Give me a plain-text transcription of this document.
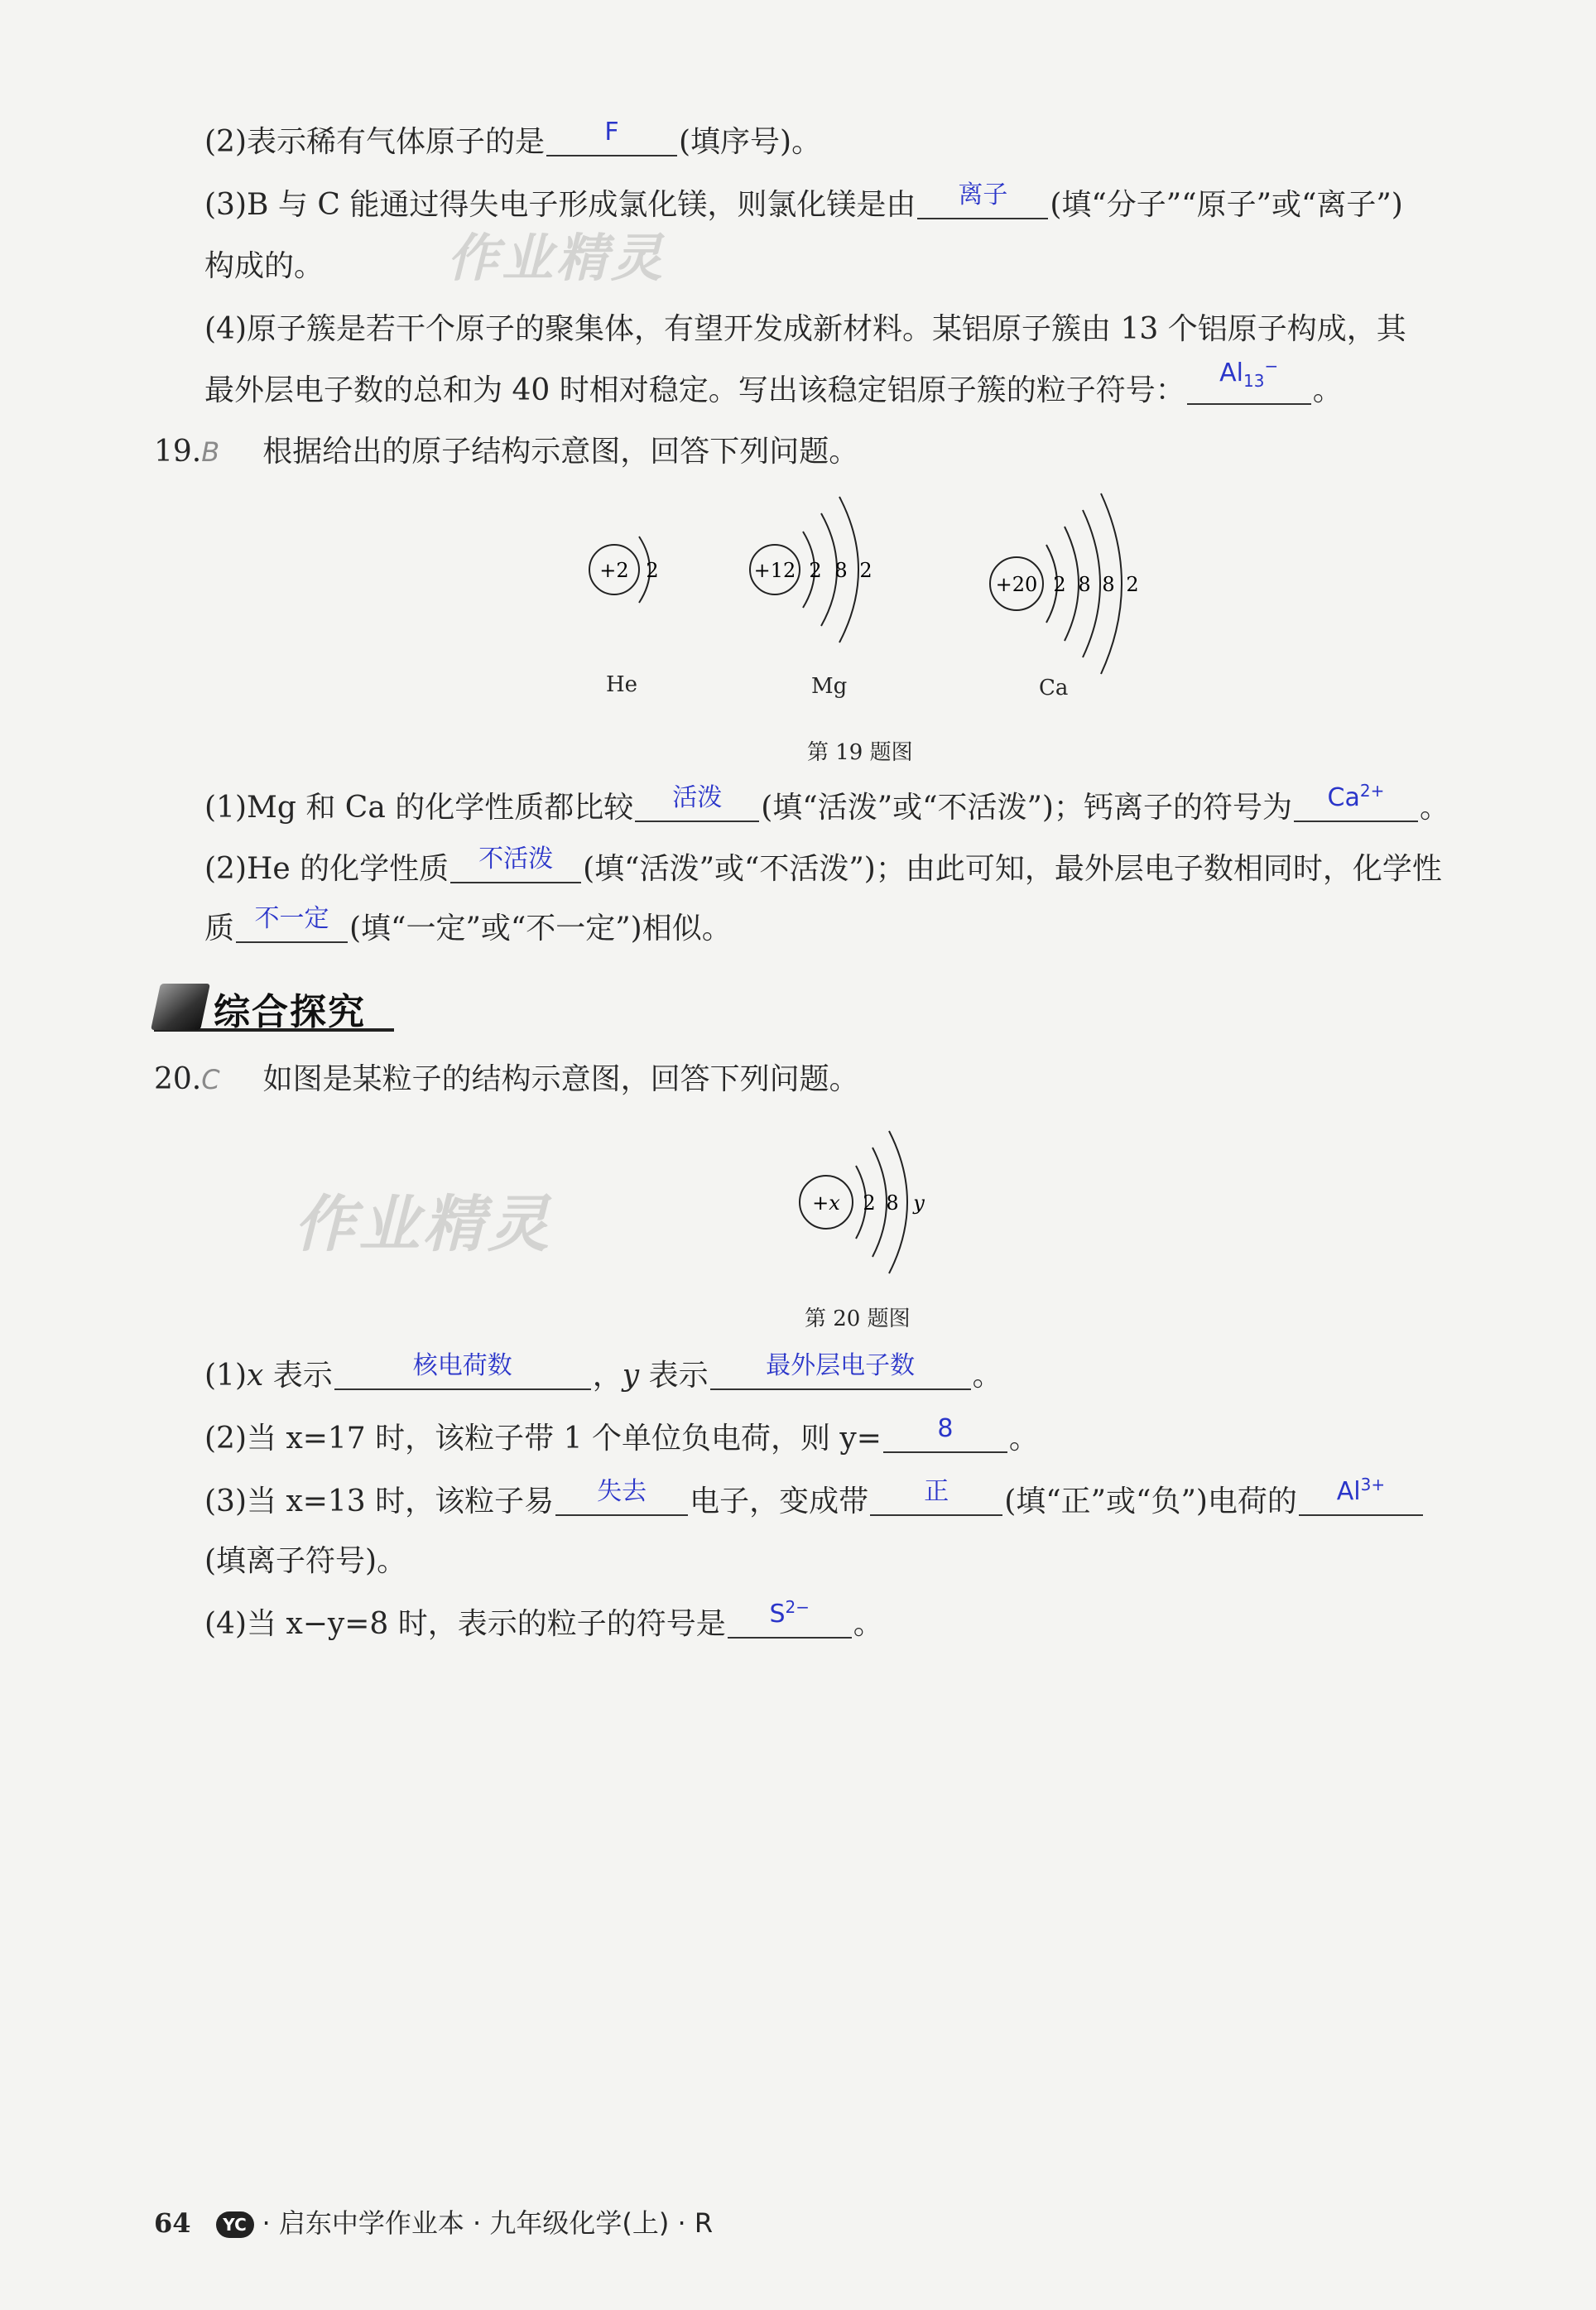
作业精灵
作业精灵
(2)表示稀有气体原子的是	F	(填序号)。
(3)B 与 C 能通过得失电子形成氯化镁，则氯化镁是由	离子	(填“分子”“原子”或“离子”)
构成的。
(4)原子簇是若干个原子的聚集体，有望开发成新材料。某铝原子簇由 13 个铝原子构成，其
最外层电子数的总和为 40 时相对稳定。写出该稳定铝原子簇的粒子符号：
$Al_{13}^-$
。
19.B 根据给出的原子结构示意图，回答下列问题。
+2 2	+12 2 8 2
+20 2 8 8 2
He	Mg	Ca
第 19 题图
(1)Mg 和 Ca 的化学性质都比较	活泼	(填“活泼”或“不活泼”)；钙离子的符号为	$Ca^{2+}$	。
(2)He 的化学性质	不活泼	(填“活泼”或“不活泼”)；由此可知，最外层电子数相同时，化学性
质 不一定 (填“一定”或“不一定”)相似。
综合探究
20.C 如图是某粒子的结构示意图，回答下列问题。
+x 2 8 y
第 20 题图
(1)x 表示	核电荷数	，y 表示	最外层电子数	。
(2)当 x=17 时，该粒子带 1 个单位负电荷，则 y=	8	。
(3)当 x=13 时，该粒子易	失去	电子，变成带	正	(填“正”或“负”)电荷的	$Al^{3+}$
(填离子符号)。
(4)当 x−y=8 时，表示的粒子的符号是	$S^{2-}$	。
64 YC · 启东中学作业本 · 九年级化学(上) · R
